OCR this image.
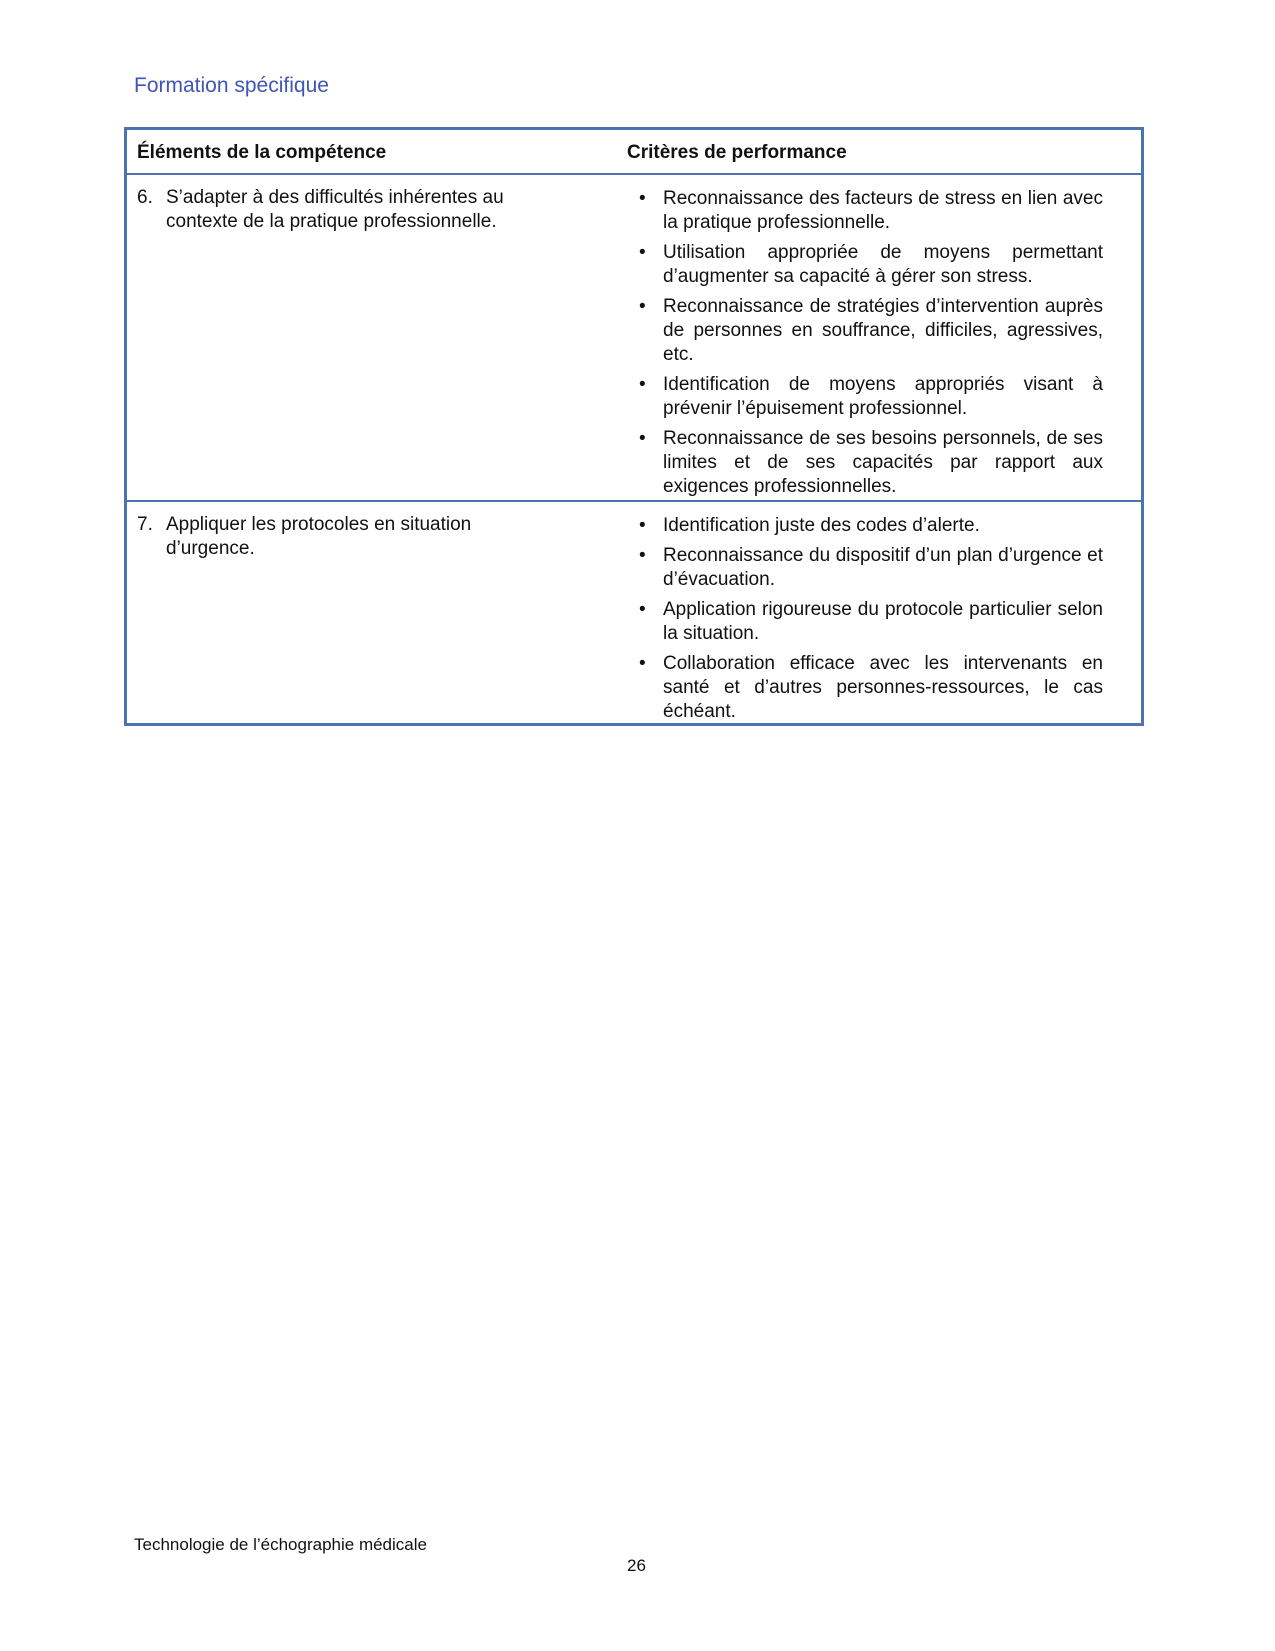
Formation spécifique
Éléments de la compétence	Critères de performance
6. S’adapter à des difficultés inhérentes au contexte de la pratique professionnelle.
• Reconnaissance des facteurs de stress en lien avec la pratique professionnelle.
• Utilisation appropriée de moyens permettant d’augmenter sa capacité à gérer son stress.
• Reconnaissance de stratégies d’intervention auprès de personnes en souffrance, difficiles, agressives, etc.
• Identification de moyens appropriés visant à prévenir l’épuisement professionnel.
• Reconnaissance de ses besoins personnels, de ses limites et de ses capacités par rapport aux exigences professionnelles.
7. Appliquer les protocoles en situation d’urgence.
• Identification juste des codes d’alerte.
• Reconnaissance du dispositif d’un plan d’urgence et d’évacuation.
• Application rigoureuse du protocole particulier selon la situation.
• Collaboration efficace avec les intervenants en santé et d’autres personnes-ressources, le cas échéant.
Technologie de l’échographie médicale
26
